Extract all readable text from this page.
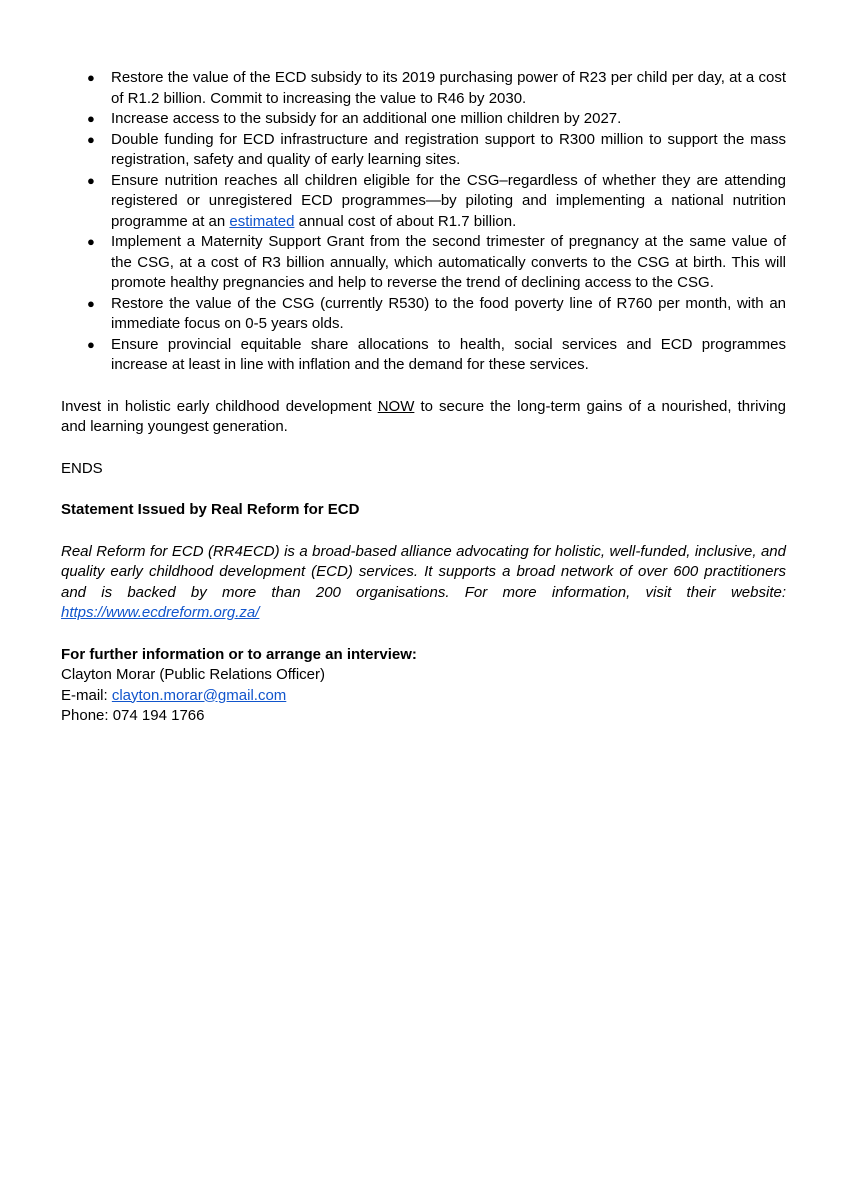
● Restore the value of the ECD subsidy to its 2019 purchasing power of R23 per child per day, at a cost of R1.2 billion. Commit to increasing the value to R46 by 2030.
● Increase access to the subsidy for an additional one million children by 2027.
● Double funding for ECD infrastructure and registration support to R300 million to support the mass registration, safety and quality of early learning sites.
● Ensure nutrition reaches all children eligible for the CSG–regardless of whether they are attending registered or unregistered ECD programmes—by piloting and implementing a national nutrition programme at an estimated annual cost of about R1.7 billion.
● Implement a Maternity Support Grant from the second trimester of pregnancy at the same value of the CSG, at a cost of R3 billion annually, which automatically converts to the CSG at birth. This will promote healthy pregnancies and help to reverse the trend of declining access to the CSG.
● Restore the value of the CSG (currently R530) to the food poverty line of R760 per month, with an immediate focus on 0-5 years olds.
● Ensure provincial equitable share allocations to health, social services and ECD programmes increase at least in line with inflation and the demand for these services.

Invest in holistic early childhood development NOW to secure the long-term gains of a nourished, thriving and learning youngest generation.

ENDS

Statement Issued by Real Reform for ECD

Real Reform for ECD (RR4ECD) is a broad-based alliance advocating for holistic, well-funded, inclusive, and quality early childhood development (ECD) services. It supports a broad network of over 600 practitioners and is backed by more than 200 organisations. For more information, visit their website: https://www.ecdreform.org.za/

For further information or to arrange an interview:

Clayton Morar (Public Relations Officer)

E-mail: clayton.morar@gmail.com

Phone: 074 194 1766
